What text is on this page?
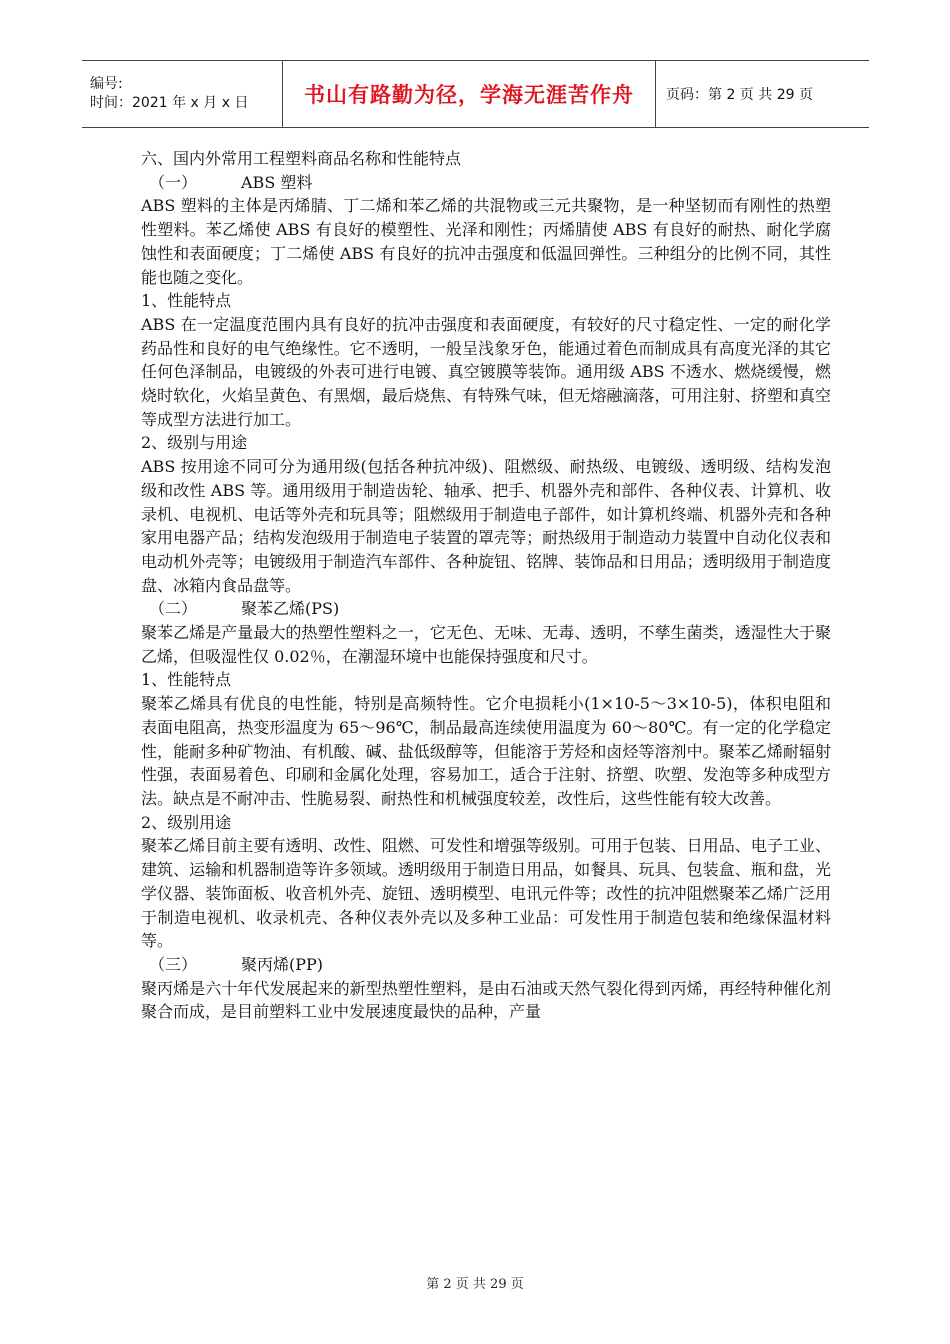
编号:
时间：2021 年 x 月 x 日	书山有路勤为径，学海无涯苦作舟 页码：第 2 页 共 29 页

六、国内外常用工程塑料商品名称和性能特点

（一）	ABS 塑料

ABS 塑料的主体是丙烯腈、丁二烯和苯乙烯的共混物或三元共聚物，是一种坚韧而有刚性的热塑性塑料。苯乙烯使 ABS 有良好的模塑性、光泽和刚性；丙烯腈使 ABS 有良好的耐热、耐化学腐蚀性和表面硬度；丁二烯使 ABS 有良好的抗冲击强度和低温回弹性。三种组分的比例不同，其性能也随之变化。

1、性能特点

ABS 在一定温度范围内具有良好的抗冲击强度和表面硬度，有较好的尺寸稳定性、一定的耐化学药品性和良好的电气绝缘性。它不透明，一般呈浅象牙色，能通过着色而制成具有高度光泽的其它任何色泽制品，电镀级的外表可进行电镀、真空镀膜等装饰。通用级 ABS 不透水、燃烧缓慢，燃烧时软化，火焰呈黄色、有黑烟，最后烧焦、有特殊气味，但无熔融滴落，可用注射、挤塑和真空等成型方法进行加工。

2、级别与用途

ABS 按用途不同可分为通用级(包括各种抗冲级)、阻燃级、耐热级、电镀级、透明级、结构发泡级和改性 ABS 等。通用级用于制造齿轮、轴承、把手、机器外壳和部件、各种仪表、计算机、收录机、电视机、电话等外壳和玩具等；阻燃级用于制造电子部件，如计算机终端、机器外壳和各种家用电器产品；结构发泡级用于制造电子装置的罩壳等；耐热级用于制造动力装置中自动化仪表和电动机外壳等；电镀级用于制造汽车部件、各种旋钮、铭牌、装饰品和日用品；透明级用于制造度盘、冰箱内食品盘等。

（二）	聚苯乙烯(PS)

聚苯乙烯是产量最大的热塑性塑料之一，它无色、无味、无毒、透明，不孳生菌类，透湿性大于聚乙烯，但吸湿性仅 0.02％，在潮湿环境中也能保持强度和尺寸。

1、性能特点

聚苯乙烯具有优良的电性能，特别是高频特性。它介电损耗小(1×10-5～3×10-5)，体积电阻和表面电阻高，热变形温度为 65～96℃，制品最高连续使用温度为 60～80℃。有一定的化学稳定性，能耐多种矿物油、有机酸、碱、盐低级醇等，但能溶于芳烃和卤烃等溶剂中。聚苯乙烯耐辐射性强，表面易着色、印刷和金属化处理，容易加工，适合于注射、挤塑、吹塑、发泡等多种成型方法。缺点是不耐冲击、性脆易裂、耐热性和机械强度较差，改性后，这些性能有较大改善。

2、级别用途

聚苯乙烯目前主要有透明、改性、阻燃、可发性和增强等级别。可用于包装、日用品、电子工业、建筑、运输和机器制造等许多领域。透明级用于制造日用品，如餐具、玩具、包装盒、瓶和盘，光学仪器、装饰面板、收音机外壳、旋钮、透明模型、电讯元件等；改性的抗冲阻燃聚苯乙烯广泛用于制造电视机、收录机壳、各种仪表外壳以及多种工业品：可发性用于制造包装和绝缘保温材料等。

（三）	聚丙烯(PP)

聚丙烯是六十年代发展起来的新型热塑性塑料，是由石油或天然气裂化得到丙烯，再经特种催化剂聚合而成，是目前塑料工业中发展速度最快的品种，产量

第 2 页 共 29 页
